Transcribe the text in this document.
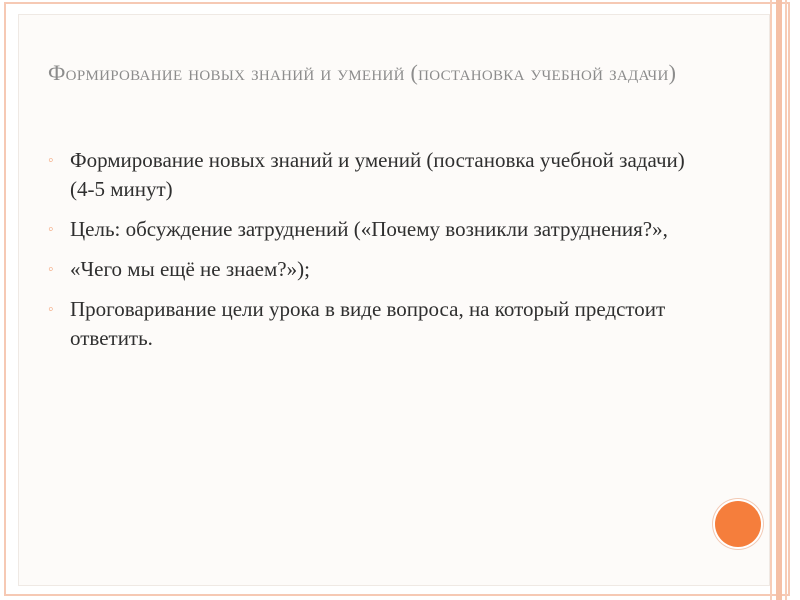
Формирование новых знаний и умений (постановка учебной задачи)
◦ Формирование новых знаний и умений (постановка учебной задачи) (4-5 минут)
◦ Цель: обсуждение затруднений («Почему возникли затруднения?»,
◦ «Чего мы ещё не знаем?»);
◦ Проговаривание цели урока в виде вопроса, на который предстоит ответить.
